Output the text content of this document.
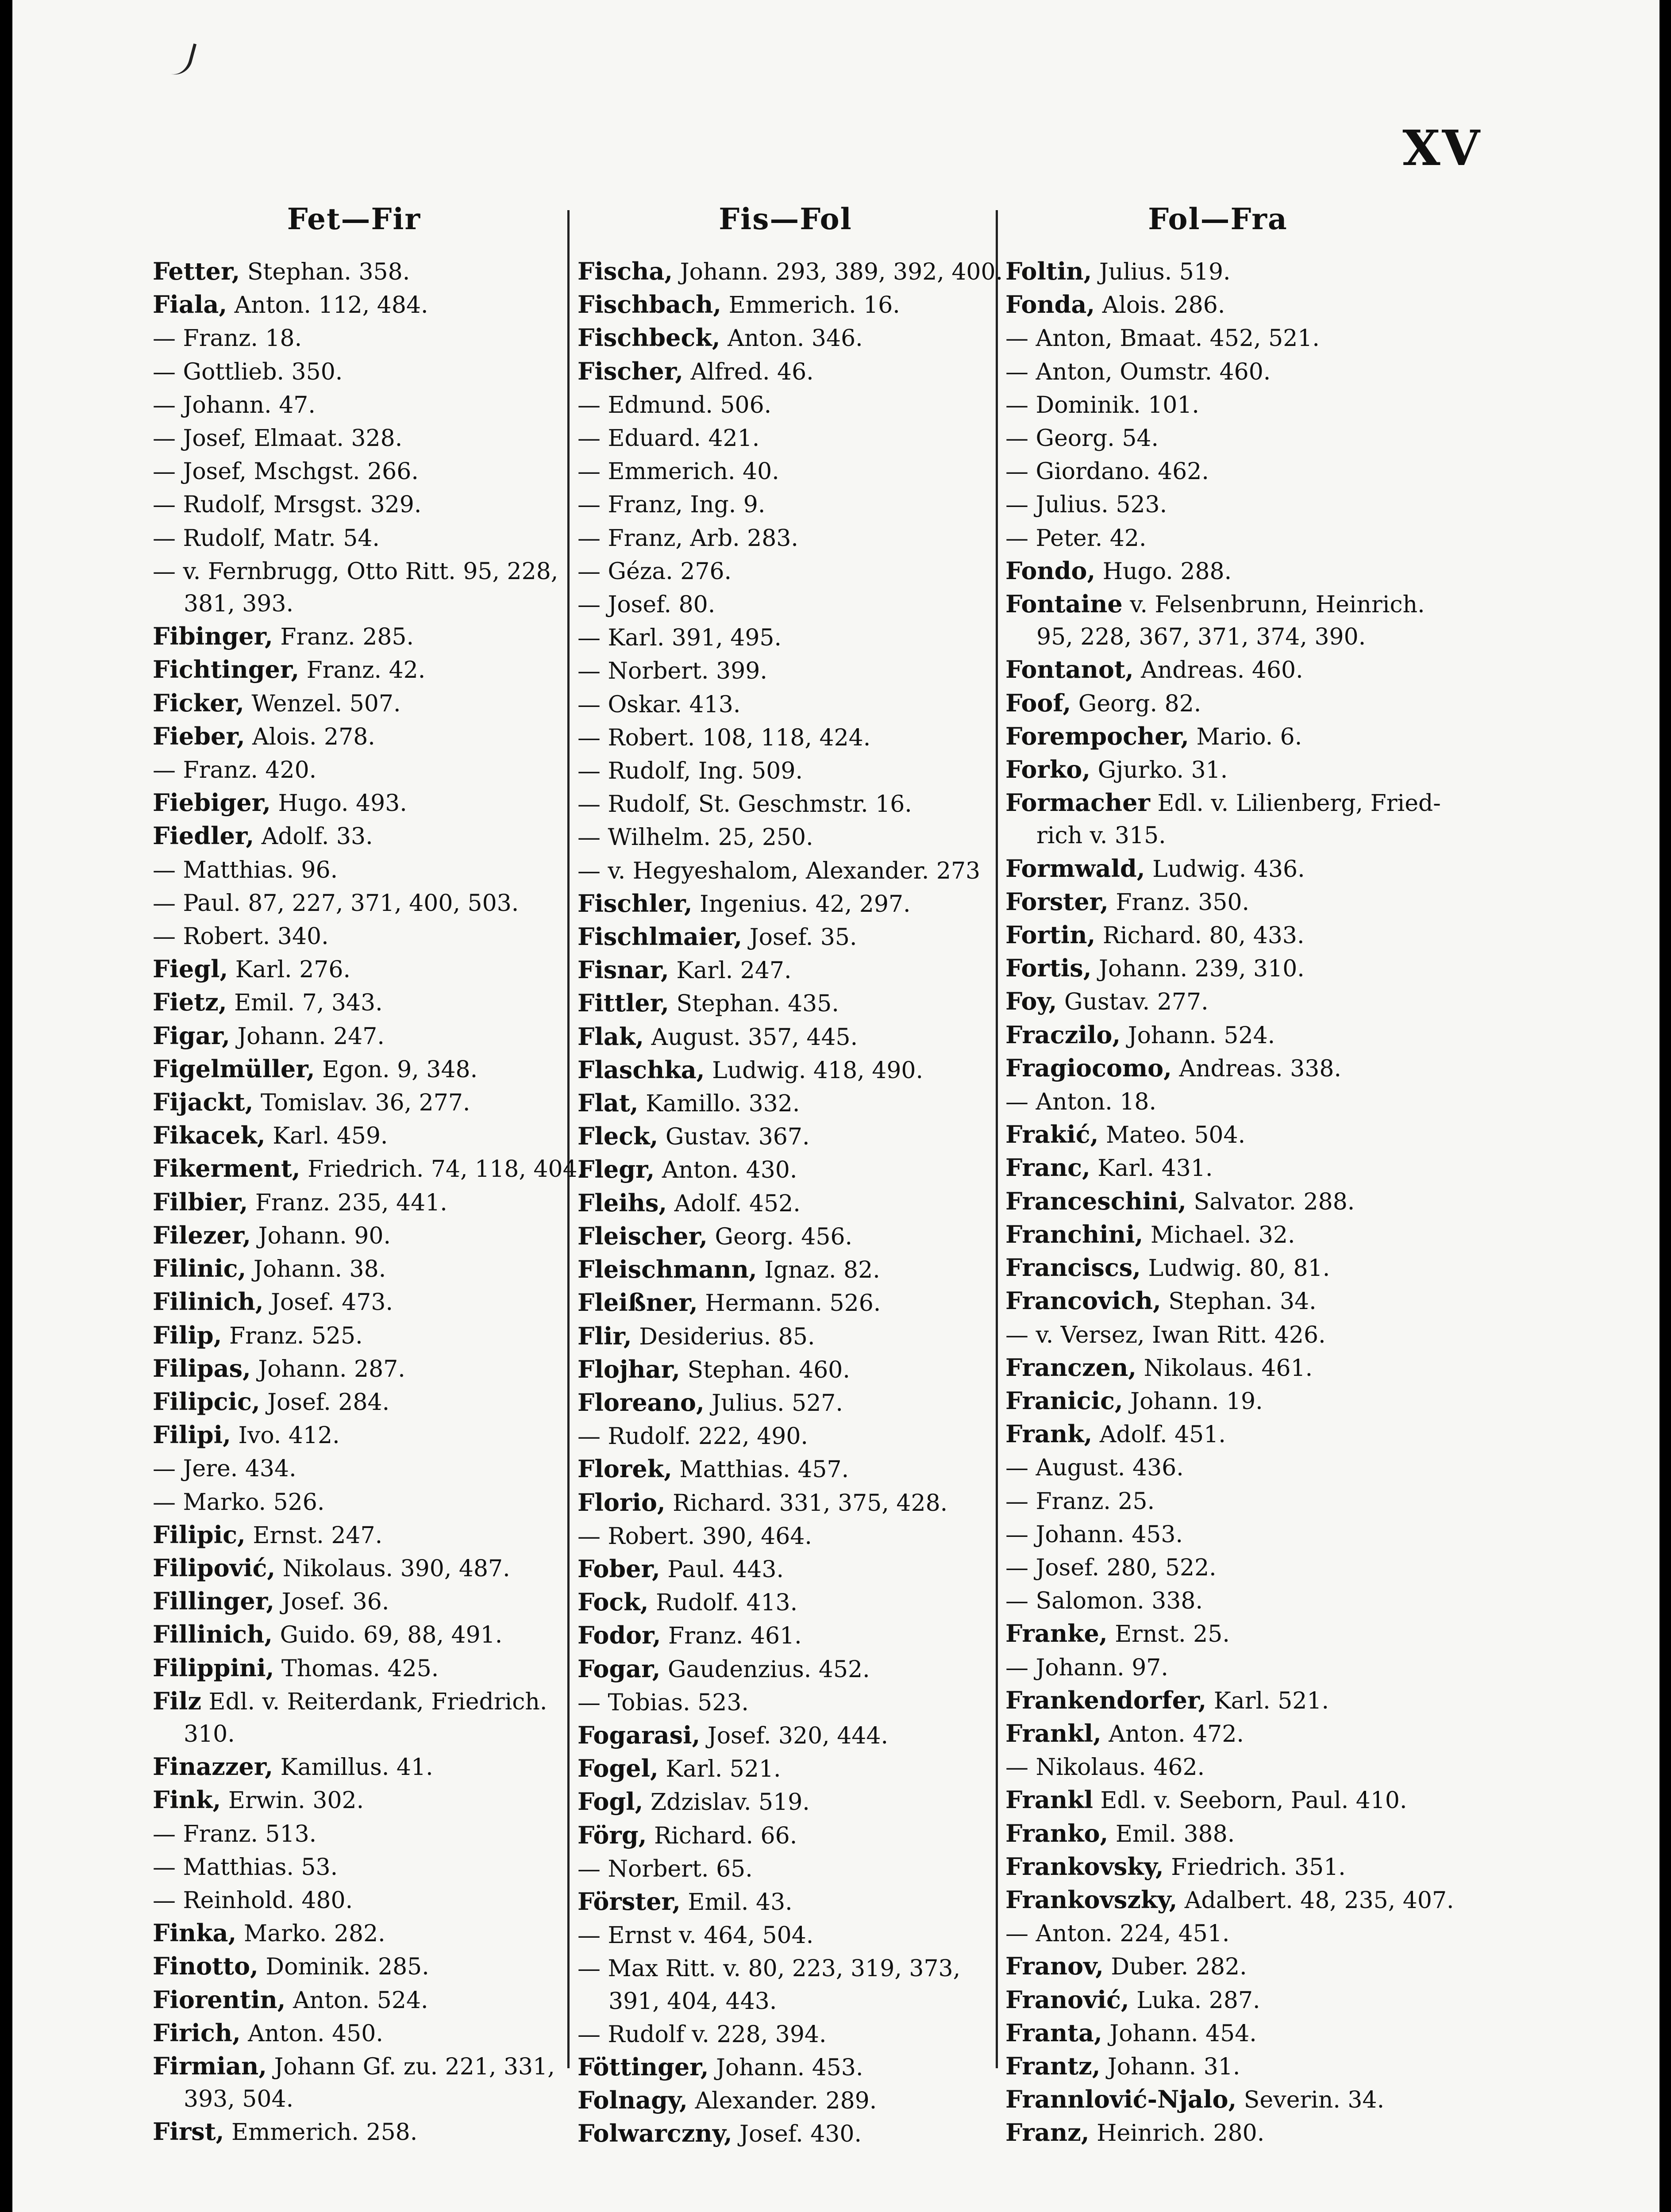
XV
Fet—Fir
Fetter, Stephan. 358.
Fiala, Anton. 112, 484.
— Franz. 18.
— Gottlieb. 350.
— Johann. 47.
— Josef, Elmaat. 328.
— Josef, Mschgst. 266.
— Rudolf, Mrsgst. 329.
— Rudolf, Matr. 54.
— v. Fernbrugg, Otto Ritt. 95, 228,
381, 393.
Fibinger, Franz. 285.
Fichtinger, Franz. 42.
Ficker, Wenzel. 507.
Fieber, Alois. 278.
— Franz. 420.
Fiebiger, Hugo. 493.
Fiedler, Adolf. 33.
— Matthias. 96.
— Paul. 87, 227, 371, 400, 503.
— Robert. 340.
Fiegl, Karl. 276.
Fietz, Emil. 7, 343.
Figar, Johann. 247.
Figelmüller, Egon. 9, 348.
Fijackt, Tomislav. 36, 277.
Fikacek, Karl. 459.
Fikerment, Friedrich. 74, 118, 404.
Filbier, Franz. 235, 441.
Filezer, Johann. 90.
Filinic, Johann. 38.
Filinich, Josef. 473.
Filip, Franz. 525.
Filipas, Johann. 287.
Filipcic, Josef. 284.
Filipi, Ivo. 412.
— Jere. 434.
— Marko. 526.
Filipic, Ernst. 247.
Filipović, Nikolaus. 390, 487.
Fillinger, Josef. 36.
Fillinich, Guido. 69, 88, 491.
Filippini, Thomas. 425.
Filz Edl. v. Reiterdank, Friedrich.
310.
Finazzer, Kamillus. 41.
Fink, Erwin. 302.
— Franz. 513.
— Matthias. 53.
— Reinhold. 480.
Finka, Marko. 282.
Finotto, Dominik. 285.
Fiorentin, Anton. 524.
Firich, Anton. 450.
Firmian, Johann Gf. zu. 221, 331,
393, 504.
First, Emmerich. 258.
Fis—Fol
Fischa, Johann. 293, 389, 392, 400.
Fischbach, Emmerich. 16.
Fischbeck, Anton. 346.
Fischer, Alfred. 46.
— Edmund. 506.
— Eduard. 421.
— Emmerich. 40.
— Franz, Ing. 9.
— Franz, Arb. 283.
— Géza. 276.
— Josef. 80.
— Karl. 391, 495.
— Norbert. 399.
— Oskar. 413.
— Robert. 108, 118, 424.
— Rudolf, Ing. 509.
— Rudolf, St. Geschmstr. 16.
— Wilhelm. 25, 250.
— v. Hegyeshalom, Alexander. 273
Fischler, Ingenius. 42, 297.
Fischlmaier, Josef. 35.
Fisnar, Karl. 247.
Fittler, Stephan. 435.
Flak, August. 357, 445.
Flaschka, Ludwig. 418, 490.
Flat, Kamillo. 332.
Fleck, Gustav. 367.
Flegr, Anton. 430.
Fleihs, Adolf. 452.
Fleischer, Georg. 456.
Fleischmann, Ignaz. 82.
Fleißner, Hermann. 526.
Flir, Desiderius. 85.
Flojhar, Stephan. 460.
Floreano, Julius. 527.
— Rudolf. 222, 490.
Florek, Matthias. 457.
Florio, Richard. 331, 375, 428.
— Robert. 390, 464.
Fober, Paul. 443.
Fock, Rudolf. 413.
Fodor, Franz. 461.
Fogar, Gaudenzius. 452.
— Tobias. 523.
Fogarasi, Josef. 320, 444.
Fogel, Karl. 521.
Fogl, Zdzislav. 519.
Förg, Richard. 66.
— Norbert. 65.
Förster, Emil. 43.
— Ernst v. 464, 504.
— Max Ritt. v. 80, 223, 319, 373,
391, 404, 443.
— Rudolf v. 228, 394.
Föttinger, Johann. 453.
Folnagy, Alexander. 289.
Folwarczny, Josef. 430.
Fol—Fra
Foltin, Julius. 519.
Fonda, Alois. 286.
— Anton, Bmaat. 452, 521.
— Anton, Oumstr. 460.
— Dominik. 101.
— Georg. 54.
— Giordano. 462.
— Julius. 523.
— Peter. 42.
Fondo, Hugo. 288.
Fontaine v. Felsenbrunn, Heinrich.
95, 228, 367, 371, 374, 390.
Fontanot, Andreas. 460.
Foof, Georg. 82.
Forempocher, Mario. 6.
Forko, Gjurko. 31.
Formacher Edl. v. Lilienberg, Fried-
rich v. 315.
Formwald, Ludwig. 436.
Forster, Franz. 350.
Fortin, Richard. 80, 433.
Fortis, Johann. 239, 310.
Foy, Gustav. 277.
Fraczilo, Johann. 524.
Fragiocomo, Andreas. 338.
— Anton. 18.
Frakić, Mateo. 504.
Franc, Karl. 431.
Franceschini, Salvator. 288.
Franchini, Michael. 32.
Franciscs, Ludwig. 80, 81.
Francovich, Stephan. 34.
— v. Versez, Iwan Ritt. 426.
Franczen, Nikolaus. 461.
Franicic, Johann. 19.
Frank, Adolf. 451.
— August. 436.
— Franz. 25.
— Johann. 453.
— Josef. 280, 522.
— Salomon. 338.
Franke, Ernst. 25.
— Johann. 97.
Frankendorfer, Karl. 521.
Frankl, Anton. 472.
— Nikolaus. 462.
Frankl Edl. v. Seeborn, Paul. 410.
Franko, Emil. 388.
Frankovsky, Friedrich. 351.
Frankovszky, Adalbert. 48, 235, 407.
— Anton. 224, 451.
Franov, Duber. 282.
Franović, Luka. 287.
Franta, Johann. 454.
Frantz, Johann. 31.
Frannlović-Njalo, Severin. 34.
Franz, Heinrich. 280.
